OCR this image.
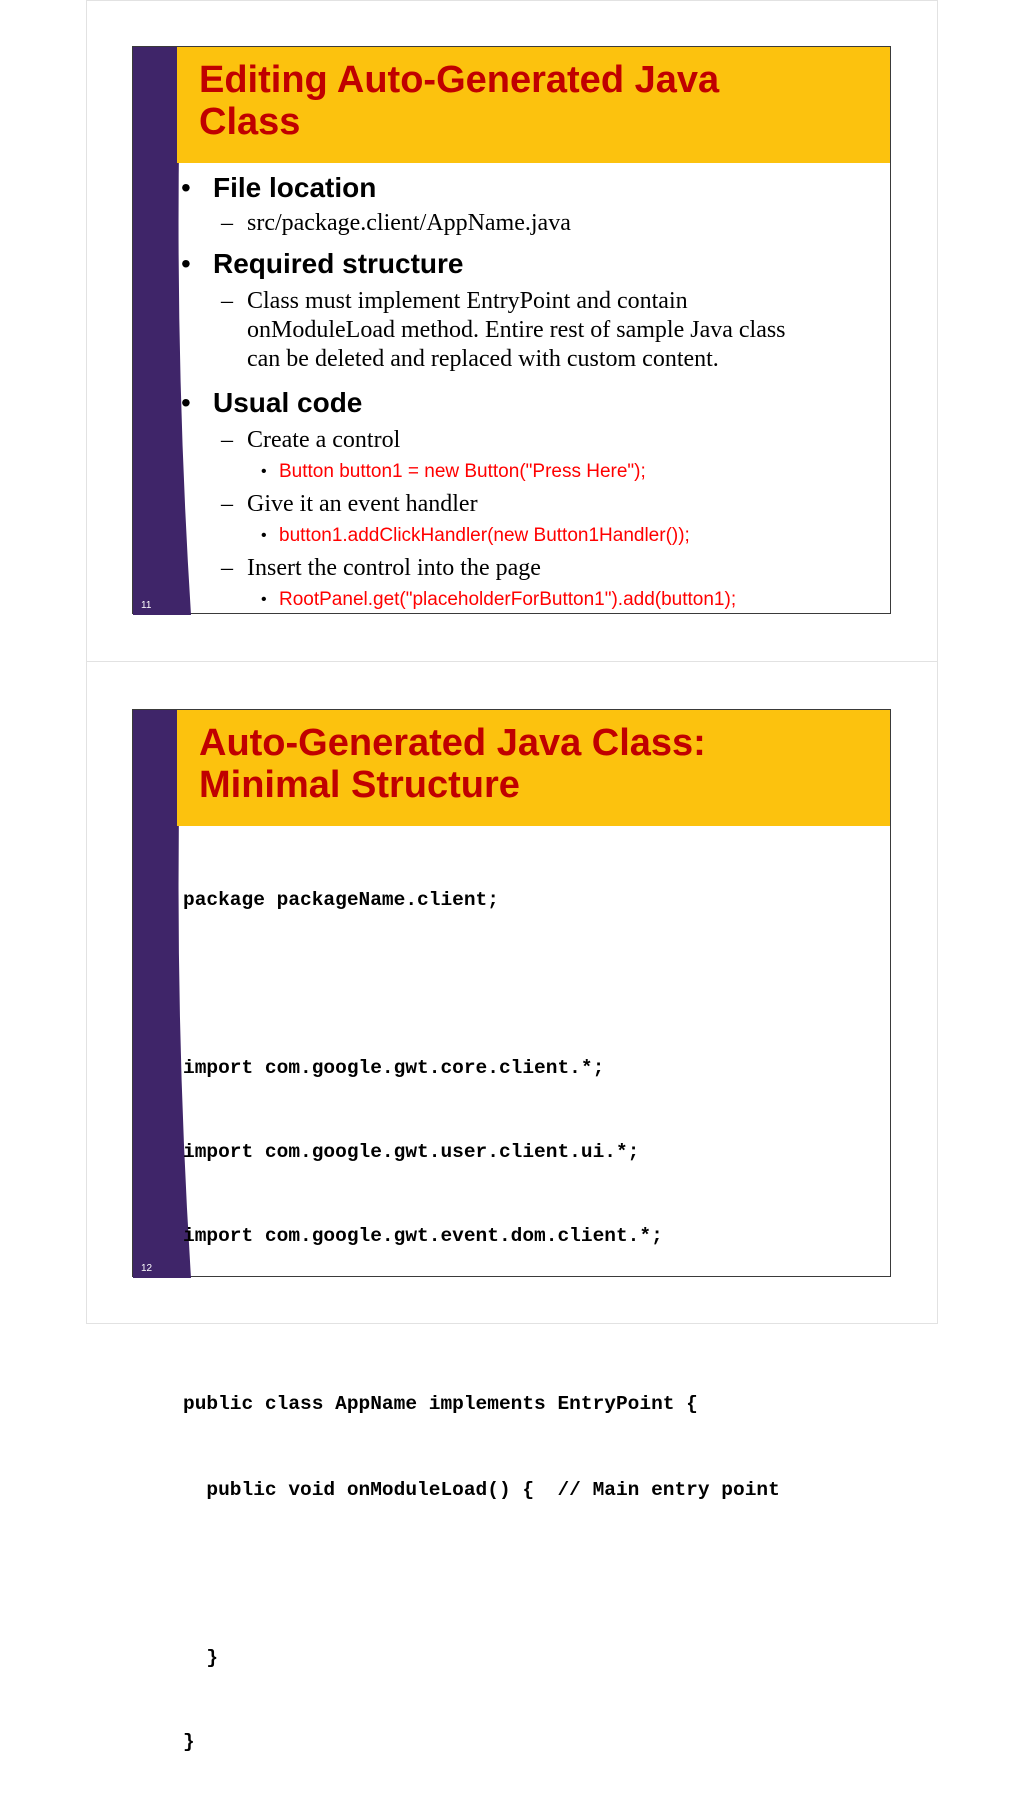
Editing Auto-Generated Java
Class
• File location
– src/package.client/AppName.java
• Required structure
– Class must implement EntryPoint and contain
onModuleLoad method. Entire rest of sample Java class
can be deleted and replaced with custom content.
• Usual code
– Create a control
• Button button1 = new Button("Press Here");
– Give it an event handler
• button1.addClickHandler(new Button1Handler());
– Insert the control into the page
• RootPanel.get("placeholderForButton1").add(button1);
11
Auto-Generated Java Class:
Minimal Structure

package packageName.client;

import com.google.gwt.core.client.*;

import com.google.gwt.user.client.ui.*;

import com.google.gwt.event.dom.client.*;

public class AppName implements EntryPoint {

public void onModuleLoad() {  // Main entry point

}

}

12
